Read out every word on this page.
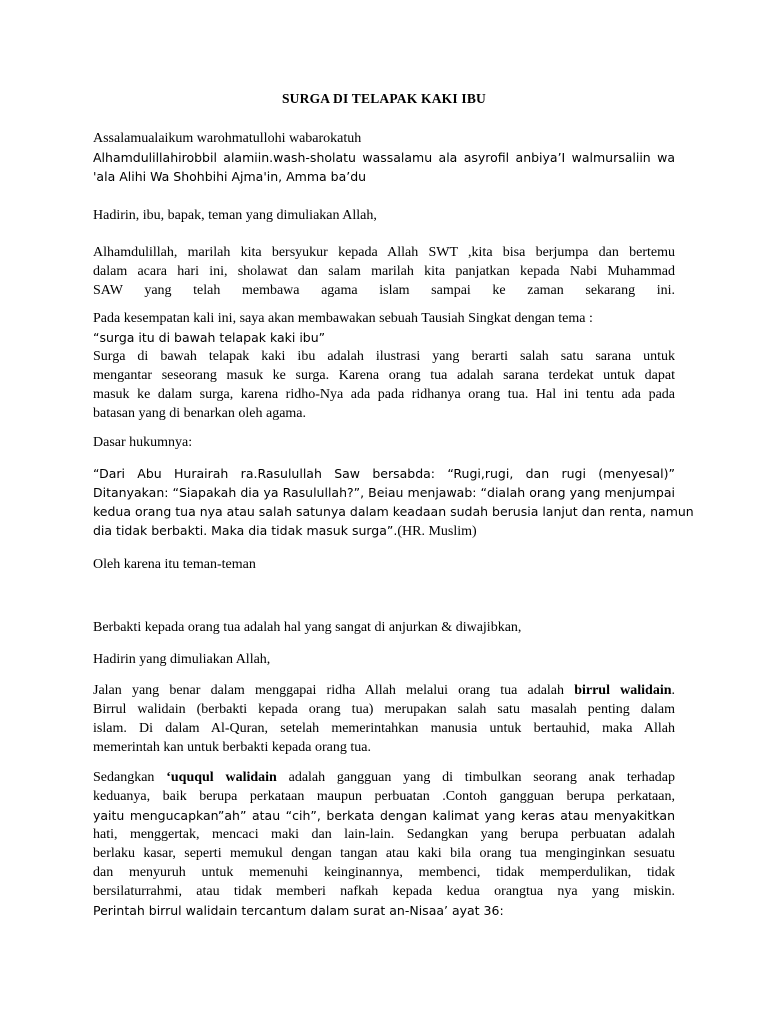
SURGA DI TELAPAK KAKI IBU
Assalamualaikum warohmatullohi wabarokatuh
Alhamdulillahirobbil alamiin.wash-sholatu wassalamu ala asyrofil anbiya’I walmursaliin wa
'ala Alihi Wa Shohbihi Ajma'in, Amma ba’du
Hadirin, ibu, bapak, teman yang dimuliakan Allah,
Alhamdulillah, marilah kita bersyukur kepada Allah SWT ,kita bisa berjumpa dan bertemu
dalam acara hari ini, sholawat dan salam marilah kita panjatkan kepada Nabi Muhammad
SAW yang telah membawa agama islam sampai ke zaman sekarang ini.
Pada kesempatan kali ini, saya akan membawakan sebuah Tausiah Singkat dengan tema :
“surga itu di bawah telapak kaki ibu”
Surga di bawah telapak kaki ibu adalah ilustrasi yang berarti salah satu sarana untuk
mengantar seseorang masuk ke surga. Karena orang tua adalah sarana terdekat untuk dapat
masuk ke dalam surga, karena ridho-Nya ada pada ridhanya orang tua. Hal ini tentu ada pada
batasan yang di benarkan oleh agama.
Dasar hukumnya:
“Dari Abu Hurairah ra.Rasulullah Saw bersabda: “Rugi,rugi, dan rugi (menyesal)”
Ditanyakan: “Siapakah dia ya Rasulullah?”, Beiau menjawab: “dialah orang yang menjumpai
kedua orang tua nya atau salah satunya dalam keadaan sudah berusia lanjut dan renta, namun
dia tidak berbakti. Maka dia tidak masuk surga”.(HR. Muslim)
Oleh karena itu teman-teman
Berbakti kepada orang tua adalah hal yang sangat di anjurkan & diwajibkan,
Hadirin yang dimuliakan Allah,
Jalan yang benar dalam menggapai ridha Allah melalui orang tua adalah birrul walidain.
Birrul walidain (berbakti kepada orang tua) merupakan salah satu masalah penting dalam
islam. Di dalam Al-Quran, setelah memerintahkan manusia untuk bertauhid, maka Allah
memerintah kan untuk berbakti kepada orang tua.
Sedangkan ‘uququl walidain adalah gangguan yang di timbulkan seorang anak terhadap
keduanya, baik berupa perkataan maupun perbuatan .Contoh gangguan berupa perkataan,
yaitu mengucapkan”ah” atau “cih”, berkata dengan kalimat yang keras atau menyakitkan
hati, menggertak, mencaci maki dan lain-lain. Sedangkan yang berupa perbuatan adalah
berlaku kasar, seperti memukul dengan tangan atau kaki bila orang tua menginginkan sesuatu
dan menyuruh untuk memenuhi keinginannya, membenci, tidak memperdulikan, tidak
bersilaturrahmi, atau tidak memberi nafkah kepada kedua orangtua nya yang miskin.
Perintah birrul walidain tercantum dalam surat an-Nisaa’ ayat 36:
